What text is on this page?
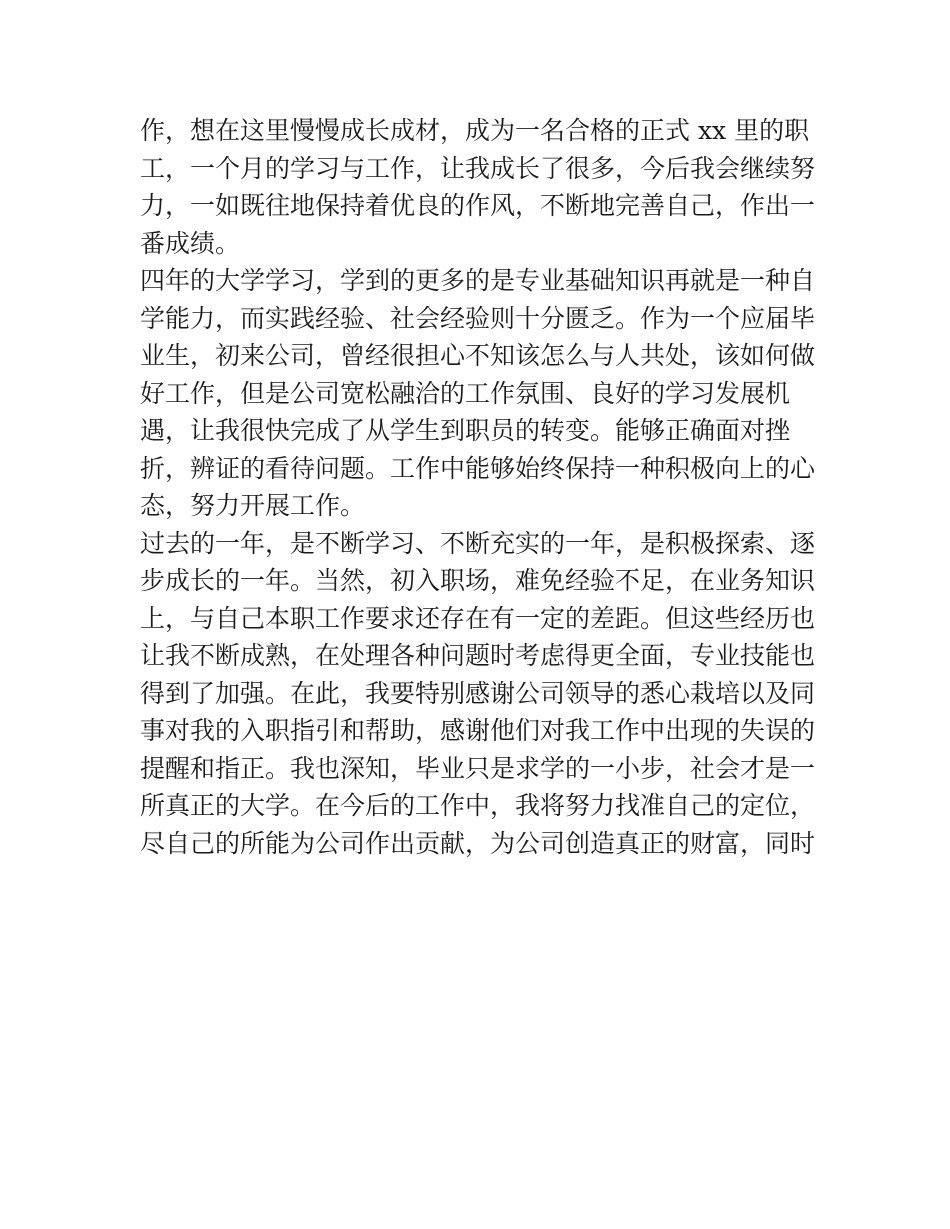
作，想在这里慢慢成长成材，成为一名合格的正式 xx 里的职

工，一个月的学习与工作，让我成长了很多，今后我会继续努

力，一如既往地保持着优良的作风，不断地完善自己，作出一

番成绩。

四年的大学学习，学到的更多的是专业基础知识再就是一种自

学能力，而实践经验、社会经验则十分匮乏。作为一个应届毕

业生，初来公司，曾经很担心不知该怎么与人共处，该如何做

好工作，但是公司宽松融洽的工作氛围、良好的学习发展机

遇，让我很快完成了从学生到职员的转变。能够正确面对挫

折，辨证的看待问题。工作中能够始终保持一种积极向上的心

态，努力开展工作。

过去的一年，是不断学习、不断充实的一年，是积极探索、逐

步成长的一年。当然，初入职场，难免经验不足，在业务知识

上，与自己本职工作要求还存在有一定的差距。但这些经历也

让我不断成熟，在处理各种问题时考虑得更全面，专业技能也

得到了加强。在此，我要特别感谢公司领导的悉心栽培以及同

事对我的入职指引和帮助，感谢他们对我工作中出现的失误的

提醒和指正。我也深知，毕业只是求学的一小步，社会才是一

所真正的大学。在今后的工作中，我将努力找准自己的定位，

尽自己的所能为公司作出贡献，为公司创造真正的财富，同时
